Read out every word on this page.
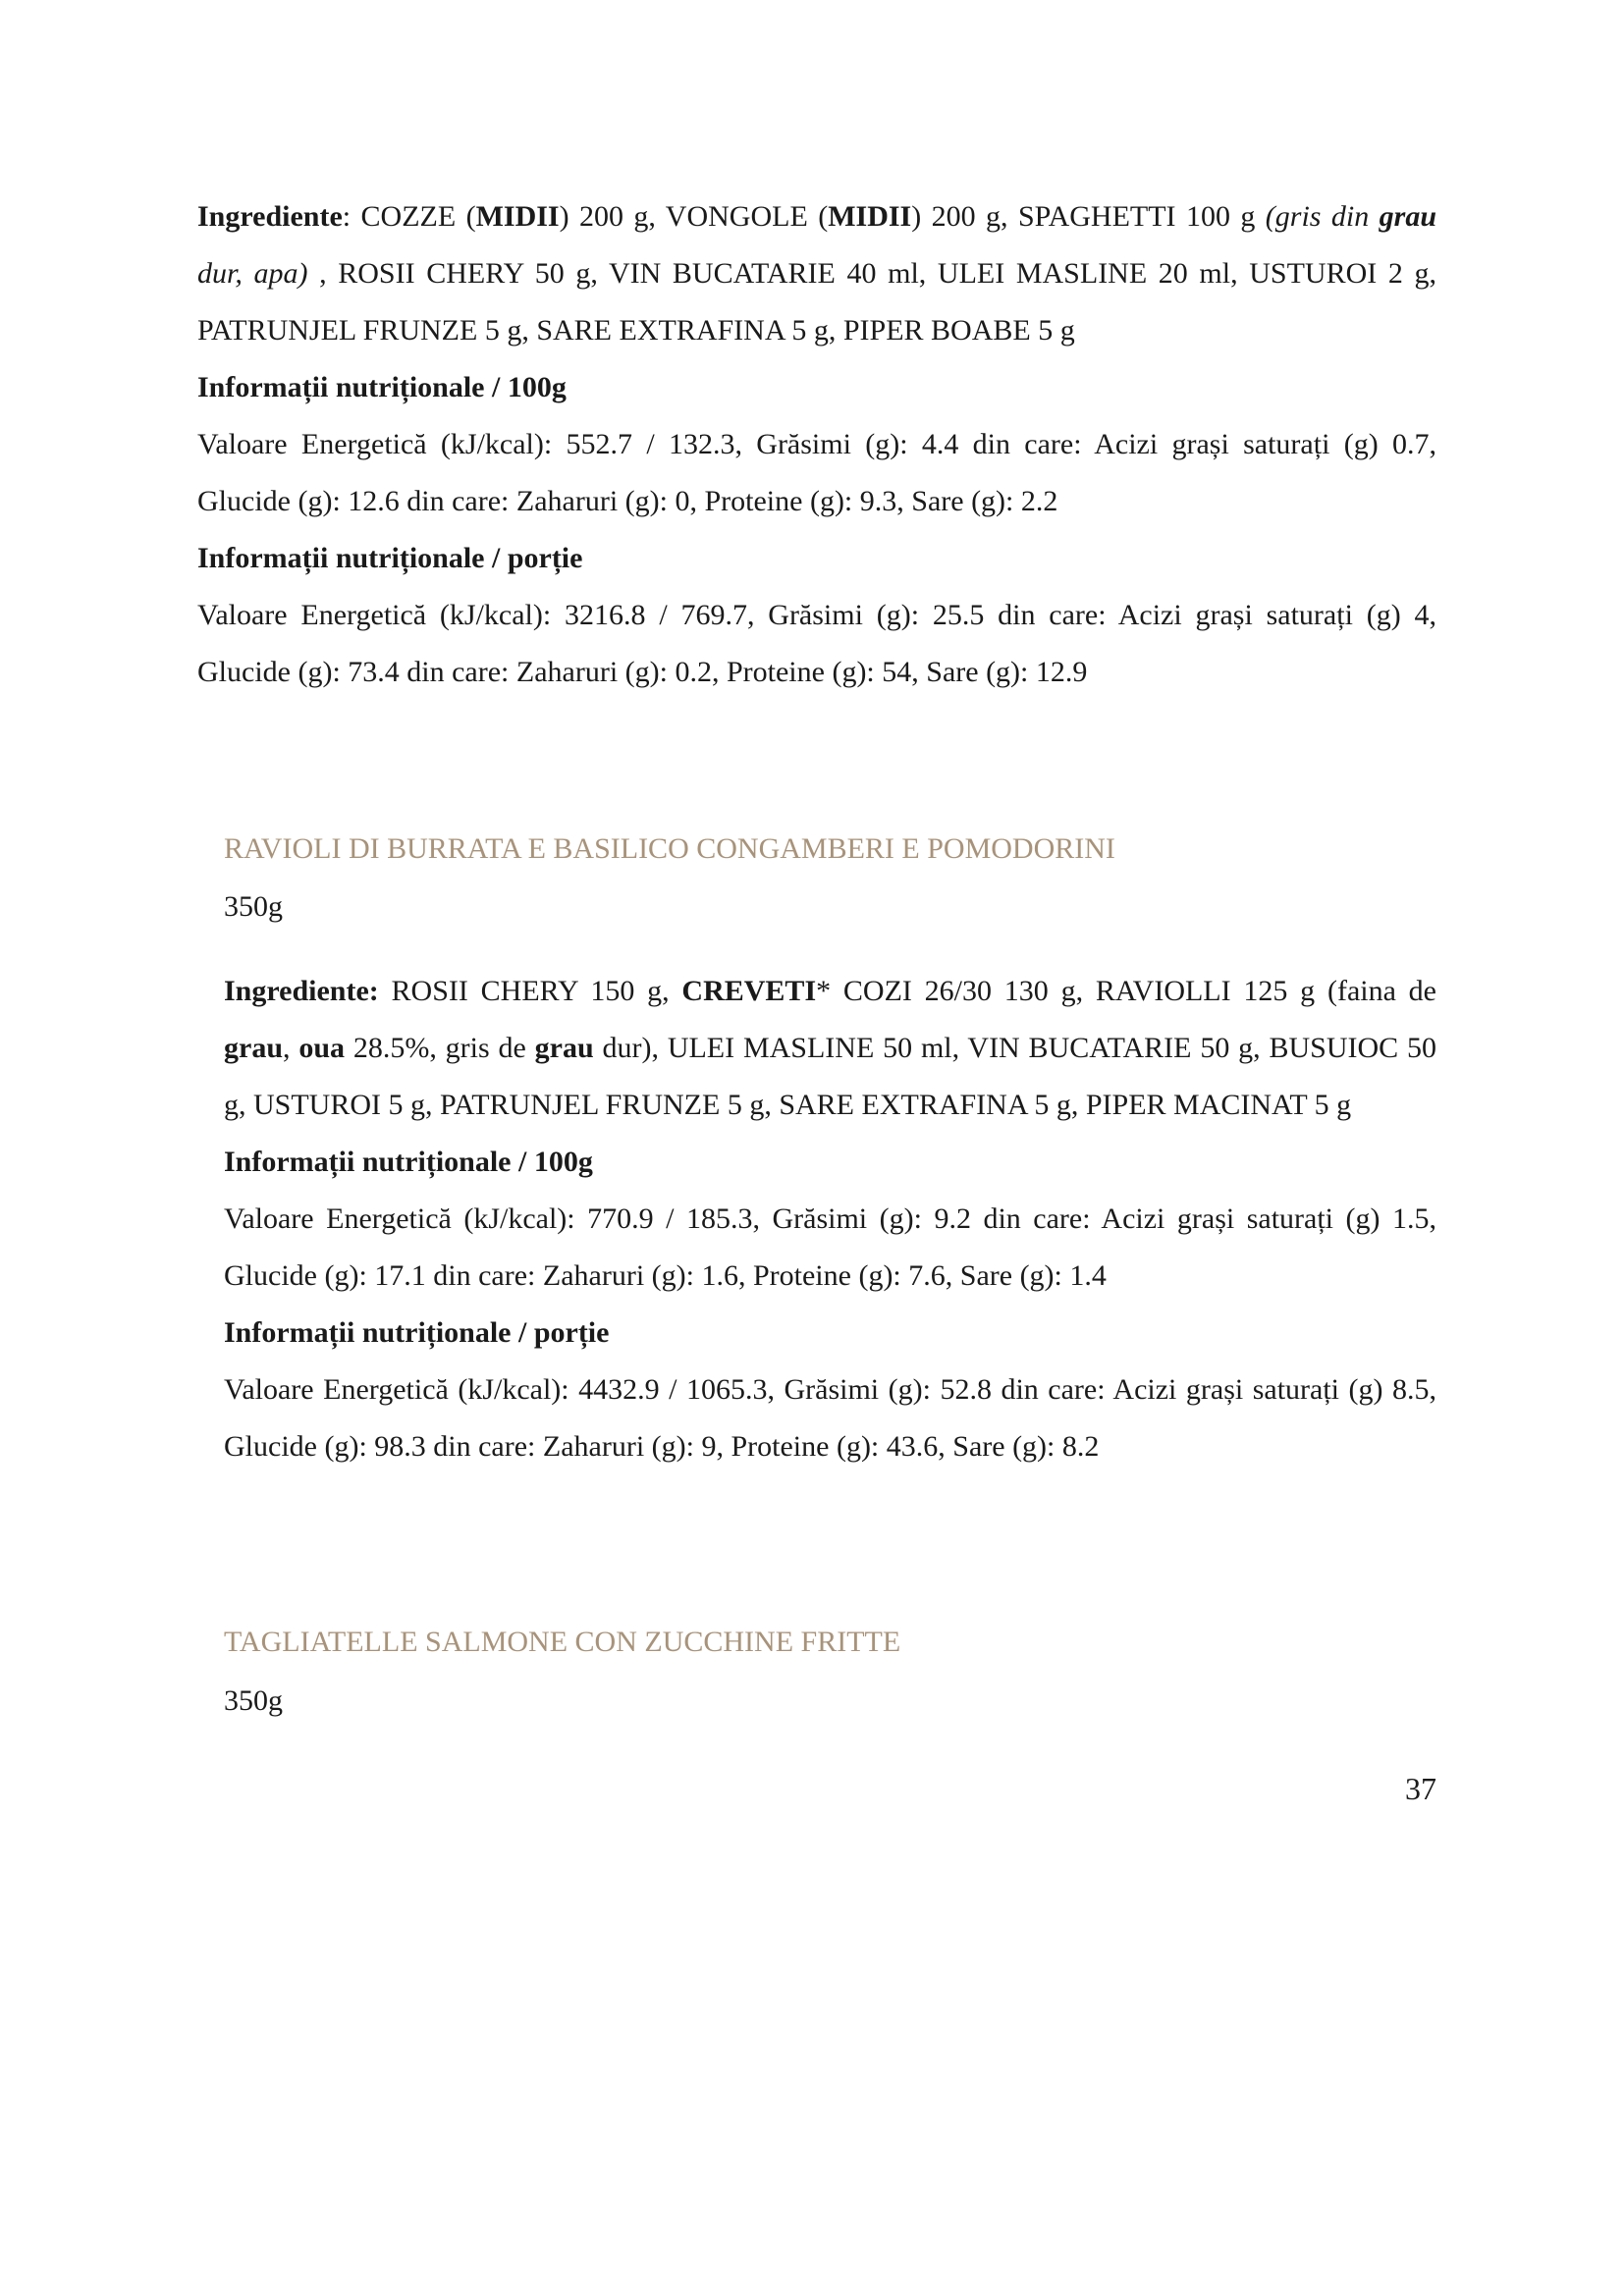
Ingrediente: COZZE (MIDII) 200 g, VONGOLE (MIDII) 200 g, SPAGHETTI 100 g (gris din grau dur, apa) , ROSII CHERY 50 g, VIN BUCATARIE 40 ml, ULEI MASLINE 20 ml, USTUROI 2 g, PATRUNJEL FRUNZE 5 g, SARE EXTRAFINA 5 g, PIPER BOABE 5 g

Informații nutriționale / 100g

Valoare Energetică (kJ/kcal): 552.7 / 132.3, Grăsimi (g): 4.4 din care: Acizi grași saturați (g) 0.7, Glucide (g): 12.6 din care: Zaharuri (g): 0, Proteine (g): 9.3, Sare (g): 2.2

Informații nutriționale / porție

Valoare Energetică (kJ/kcal): 3216.8 / 769.7, Grăsimi (g): 25.5 din care: Acizi grași saturați (g) 4, Glucide (g): 73.4 din care: Zaharuri (g): 0.2, Proteine (g): 54, Sare (g): 12.9

RAVIOLI DI BURRATA E BASILICO CONGAMBERI E POMODORINI
350g

Ingrediente: ROSII CHERY 150 g, CREVETI* COZI 26/30 130 g, RAVIOLLI 125 g (faina de grau, oua 28.5%, gris de grau dur), ULEI MASLINE 50 ml, VIN BUCATARIE 50 g, BUSUIOC 50 g, USTUROI 5 g, PATRUNJEL FRUNZE 5 g, SARE EXTRAFINA 5 g, PIPER MACINAT 5 g

Informații nutriționale / 100g

Valoare Energetică (kJ/kcal): 770.9 / 185.3, Grăsimi (g): 9.2 din care: Acizi grași saturați (g) 1.5, Glucide (g): 17.1 din care: Zaharuri (g): 1.6, Proteine (g): 7.6, Sare (g): 1.4

Informații nutriționale / porție

Valoare Energetică (kJ/kcal): 4432.9 / 1065.3, Grăsimi (g): 52.8 din care: Acizi grași saturați (g) 8.5, Glucide (g): 98.3 din care: Zaharuri (g): 9, Proteine (g): 43.6, Sare (g): 8.2

TAGLIATELLE SALMONE CON ZUCCHINE FRITTE
350g
37
